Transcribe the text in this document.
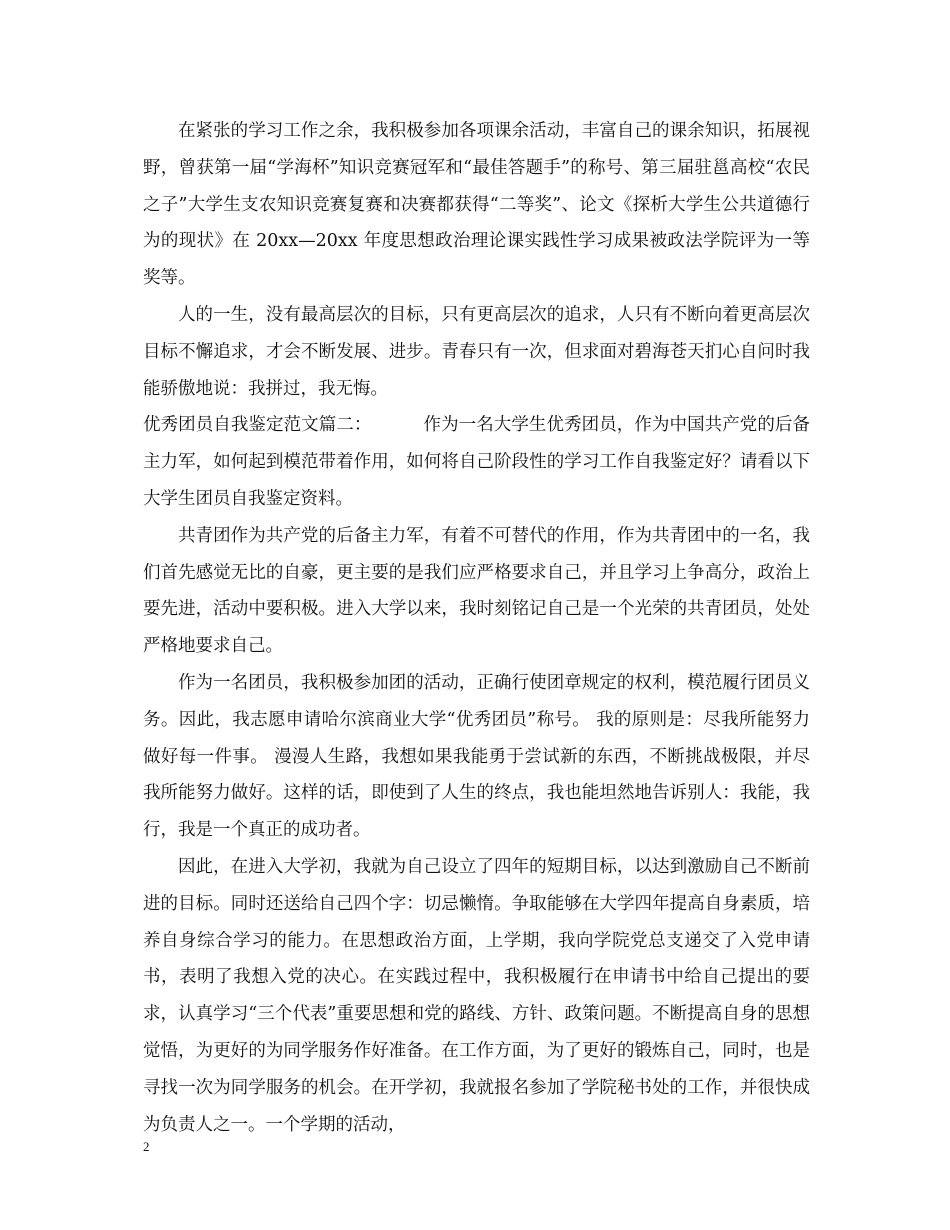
在紧张的学习工作之余，我积极参加各项课余活动，丰富自己的课余知识，拓展视野，曾获第一届“学海杯”知识竞赛冠军和“最佳答题手”的称号、第三届驻邕高校“农民之子”大学生支农知识竞赛复赛和决赛都获得“二等奖”、论文《探析大学生公共道德行为的现状》在 20xx—20xx 年度思想政治理论课实践性学习成果被政法学院评为一等奖等。

人的一生，没有最高层次的目标，只有更高层次的追求，人只有不断向着更高层次目标不懈追求，才会不断发展、进步。青春只有一次，但求面对碧海苍天扪心自问时我能骄傲地说：我拼过，我无悔。

优秀团员自我鉴定范文篇二：	作为一名大学生优秀团员，作为中国共产党的后备主力军，如何起到模范带着作用，如何将自己阶段性的学习工作自我鉴定好？请看以下大学生团员自我鉴定资料。

共青团作为共产党的后备主力军，有着不可替代的作用，作为共青团中的一名，我们首先感觉无比的自豪，更主要的是我们应严格要求自己，并且学习上争高分，政治上要先进，活动中要积极。进入大学以来，我时刻铭记自己是一个光荣的共青团员，处处严格地要求自己。

作为一名团员，我积极参加团的活动，正确行使团章规定的权利，模范履行团员义务。因此，我志愿申请哈尔滨商业大学“优秀团员”称号。 我的原则是：尽我所能努力做好每一件事。 漫漫人生路，我想如果我能勇于尝试新的东西，不断挑战极限，并尽我所能努力做好。这样的话，即使到了人生的终点，我也能坦然地告诉别人：我能，我行，我是一个真正的成功者。

因此，在进入大学初，我就为自己设立了四年的短期目标，以达到激励自己不断前进的目标。同时还送给自己四个字：切忌懒惰。争取能够在大学四年提高自身素质，培养自身综合学习的能力。在思想政治方面，上学期，我向学院党总支递交了入党申请书，表明了我想入党的决心。在实践过程中，我积极履行在申请书中给自己提出的要求，认真学习“三个代表”重要思想和党的路线、方针、政策问题。不断提高自身的思想觉悟，为更好的为同学服务作好准备。在工作方面，为了更好的锻炼自己，同时，也是寻找一次为同学服务的机会。在开学初，我就报名参加了学院秘书处的工作，并很快成为负责人之一。一个学期的活动，

2
